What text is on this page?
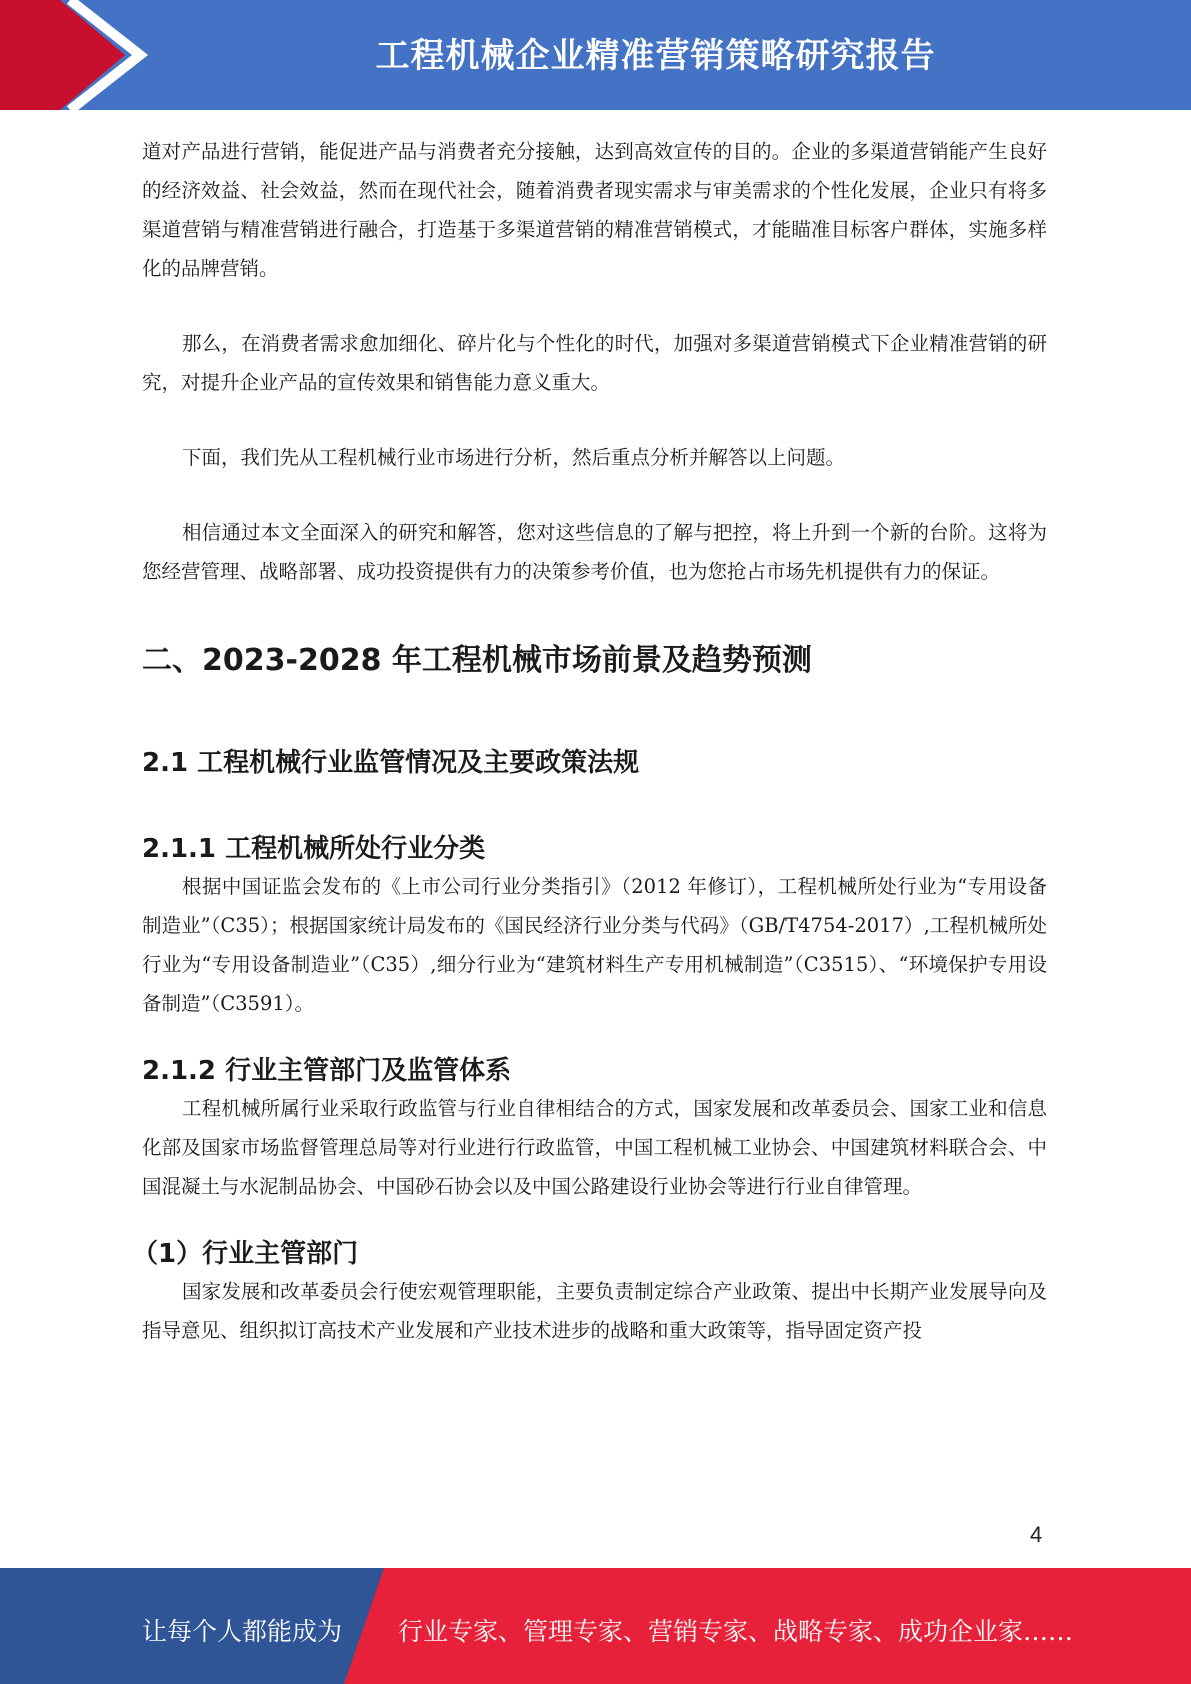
工程机械企业精准营销策略研究报告

道对产品进行营销，能促进产品与消费者充分接触，达到高效宣传的目的。企业的多渠道营销能产生良好的经济效益、社会效益，然而在现代社会，随着消费者现实需求与审美需求的个性化发展，企业只有将多渠道营销与精准营销进行融合，打造基于多渠道营销的精准营销模式，才能瞄准目标客户群体，实施多样化的品牌营销。

那么，在消费者需求愈加细化、碎片化与个性化的时代，加强对多渠道营销模式下企业精准营销的研究，对提升企业产品的宣传效果和销售能力意义重大。

下面，我们先从工程机械行业市场进行分析，然后重点分析并解答以上问题。

相信通过本文全面深入的研究和解答，您对这些信息的了解与把控，将上升到一个新的台阶。这将为您经营管理、战略部署、成功投资提供有力的决策参考价值，也为您抢占市场先机提供有力的保证。

二、2023-2028 年工程机械市场前景及趋势预测
2.1 工程机械行业监管情况及主要政策法规
2.1.1 工程机械所处行业分类

根据中国证监会发布的《上市公司行业分类指引》（2012 年修订），工程机械所处行业为“专用设备制造业”（C35）；根据国家统计局发布的《国民经济行业分类与代码》（GB/T4754-2017）,工程机械所处行业为“专用设备制造业”（C35）,细分行业为“建筑材料生产专用机械制造”（C3515）、“环境保护专用设备制造”（C3591）。

2.1.2 行业主管部门及监管体系

工程机械所属行业采取行政监管与行业自律相结合的方式，国家发展和改革委员会、国家工业和信息化部及国家市场监督管理总局等对行业进行行政监管，中国工程机械工业协会、中国建筑材料联合会、中国混凝土与水泥制品协会、中国砂石协会以及中国公路建设行业协会等进行行业自律管理。

（1）行业主管部门

国家发展和改革委员会行使宏观管理职能，主要负责制定综合产业政策、提出中长期产业发展导向及指导意见、组织拟订高技术产业发展和产业技术进步的战略和重大政策等，指导固定资产投

4
让每个人都能成为 行业专家、管理专家、营销专家、战略专家、成功企业家……
